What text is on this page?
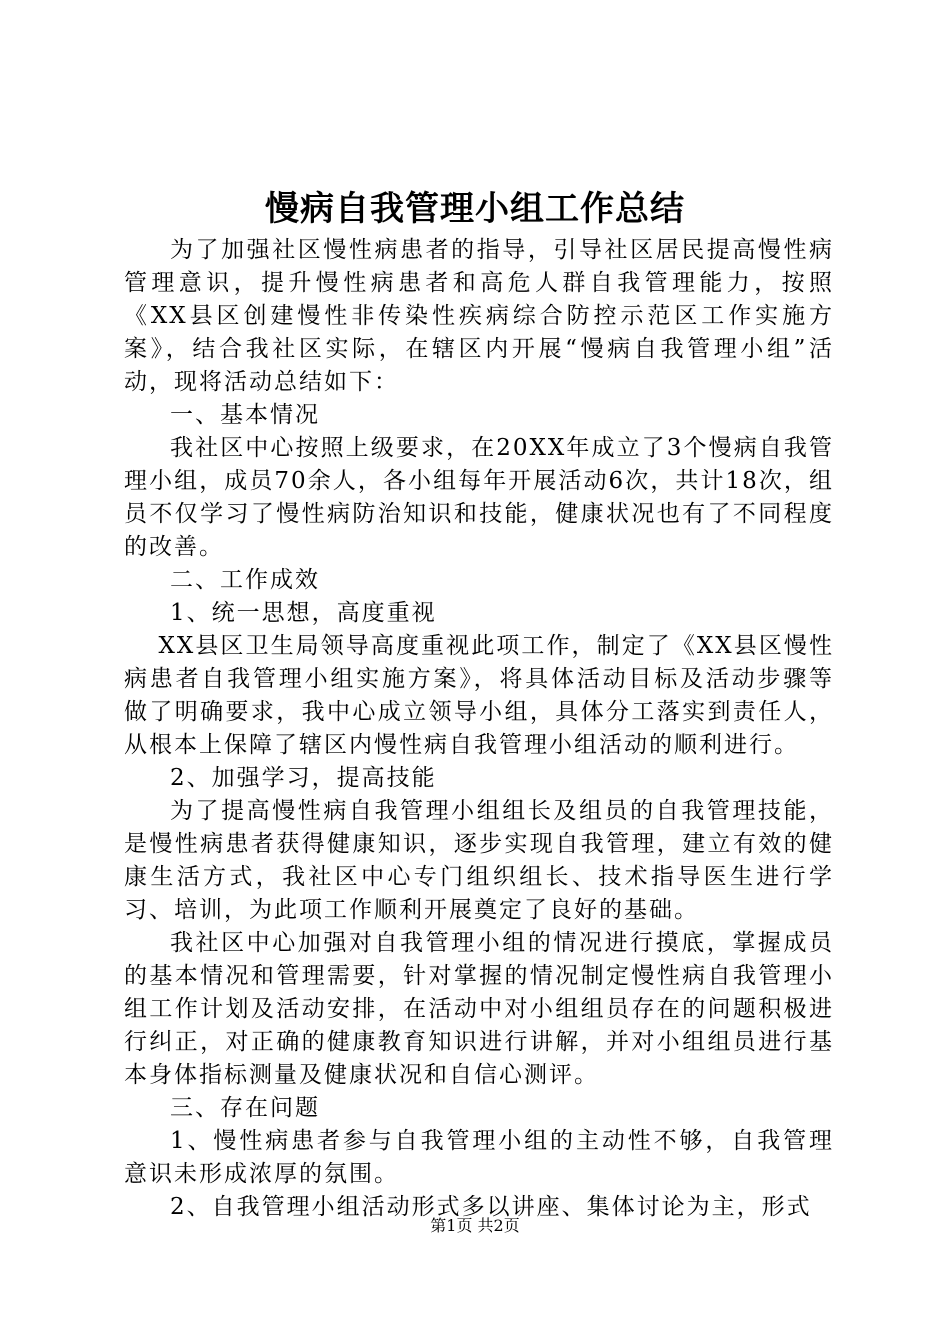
慢病自我管理小组工作总结

为了加强社区慢性病患者的指导，引导社区居民提高慢性病管理意识，提升慢性病患者和高危人群自我管理能力，按照《XX县区创建慢性非传染性疾病综合防控示范区工作实施方案》，结合我社区实际，在辖区内开展“慢病自我管理小组”活动，现将活动总结如下：

一、基本情况

我社区中心按照上级要求，在20XX年成立了3个慢病自我管理小组，成员70余人，各小组每年开展活动6次，共计18次，组员不仅学习了慢性病防治知识和技能，健康状况也有了不同程度的改善。

二、工作成效

1、统一思想，高度重视

XX县区卫生局领导高度重视此项工作，制定了《XX县区慢性病患者自我管理小组实施方案》，将具体活动目标及活动步骤等做了明确要求，我中心成立领导小组，具体分工落实到责任人，从根本上保障了辖区内慢性病自我管理小组活动的顺利进行。

2、加强学习，提高技能

为了提高慢性病自我管理小组组长及组员的自我管理技能，是慢性病患者获得健康知识，逐步实现自我管理，建立有效的健康生活方式，我社区中心专门组织组长、技术指导医生进行学习、培训，为此项工作顺利开展奠定了良好的基础。

我社区中心加强对自我管理小组的情况进行摸底，掌握成员的基本情况和管理需要，针对掌握的情况制定慢性病自我管理小组工作计划及活动安排，在活动中对小组组员存在的问题积极进行纠正，对正确的健康教育知识进行讲解，并对小组组员进行基本身体指标测量及健康状况和自信心测评。

三、存在问题

1、慢性病患者参与自我管理小组的主动性不够，自我管理意识未形成浓厚的氛围。

2、自我管理小组活动形式多以讲座、集体讨论为主，形式

第1页 共2页
